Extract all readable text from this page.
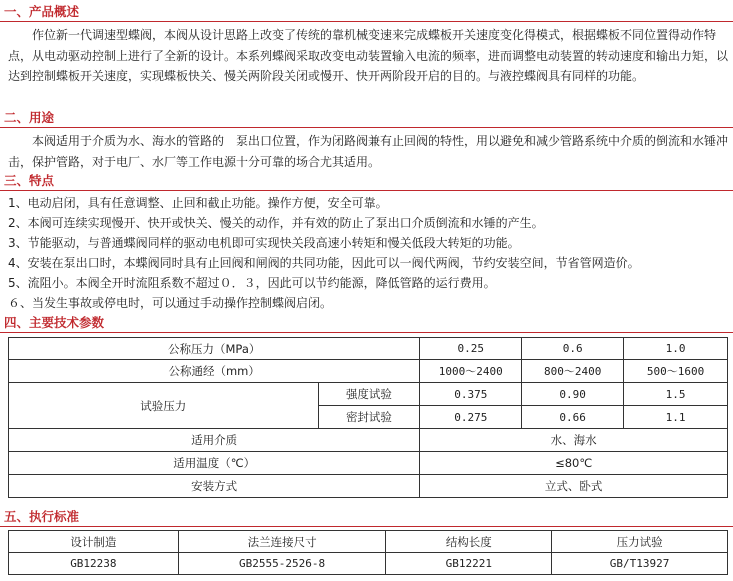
一、产品概述
作位新一代调速型蝶阀，本阀从设计思路上改变了传统的靠机械变速来完成蝶板开关速度变化得模式，根据蝶板不同位置得动作特点，从电动驱动控制上进行了全新的设计。本系列蝶阀采取改变电动装置输入电流的频率，进而调整电动装置的转动速度和输出力矩，以达到控制蝶板开关速度，实现蝶板快关、慢关两阶段关闭或慢开、快开两阶段开启的目的。与液控蝶阀具有同样的功能。
二、用途
本阀适用于介质为水、海水的管路的　泵出口位置，作为闭路阀兼有止回阀的特性，用以避免和减少管路系统中介质的倒流和水锤冲击，保护管路，对于电厂、水厂等工作电源十分可靠的场合尤其适用。
三、特点
1、电动启闭，具有任意调整、止回和截止功能。操作方便，安全可靠。
2、本阀可连续实现慢开、快开或快关、慢关的动作，并有效的防止了泵出口介质倒流和水锤的产生。
3、节能驱动，与普通蝶阀同样的驱动电机即可实现快关段高速小转矩和慢关低段大转矩的功能。
4、安装在泵出口时，本蝶阀同时具有止回阀和闸阀的共同功能，因此可以一阀代两阀，节约安装空间，节省管网造价。
5、流阻小。本阀全开时流阻系数不超过０．３，因此可以节约能源，降低管路的运行费用。
６、当发生事故或停电时，可以通过手动操作控制蝶阀启闭。
四、主要技术参数
公称压力（MPa）		0.25	0.6	1.0
公称通经（mm）		1000～2400	800～2400	500～1600
试验压力	强度试验	0.375	0.90	1.5
	密封试验	0.275	0.66	1.1
适用介质		水、海水		
适用温度（℃）		≤80℃		
安装方式		立式、卧式		
五、执行标准
设计制造	法兰连接尺寸	结构长度	压力试验
GB12238	GB2555-2526-8	GB12221	GB/T13927
